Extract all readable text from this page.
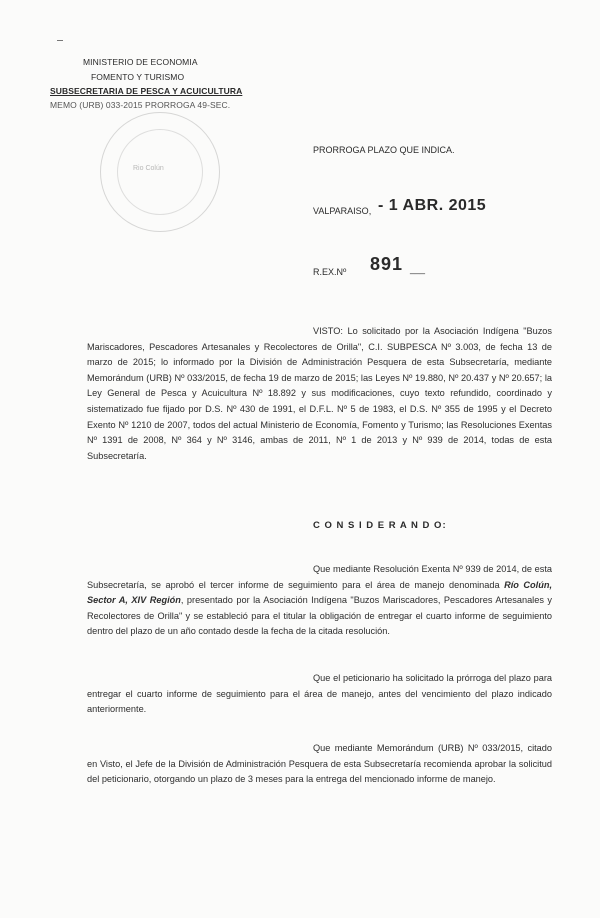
MINISTERIO DE ECONOMIA
FOMENTO Y TURISMO
SUBSECRETARIA DE PESCA Y ACUICULTURA
MEMO (URB) 033-2015 PRORROGA 49-SEC.
Rio Colún
PRORROGA PLAZO QUE INDICA.
VALPARAISO, - 1 ABR. 2015
R.EX.Nº 891 ___
VISTO: Lo solicitado por la Asociación Indígena "Buzos Mariscadores, Pescadores Artesanales y Recolectores de Orilla", C.I. SUBPESCA Nº 3.003, de fecha 13 de marzo de 2015; lo informado por la División de Administración Pesquera de esta Subsecretaría, mediante Memorándum (URB) Nº 033/2015, de fecha 19 de marzo de 2015; las Leyes Nº 19.880, Nº 20.437 y Nº 20.657; la Ley General de Pesca y Acuicultura Nº 18.892 y sus modificaciones, cuyo texto refundido, coordinado y sistematizado fue fijado por D.S. Nº 430 de 1991, el D.F.L. Nº 5 de 1983, el D.S. Nº 355 de 1995 y el Decreto Exento Nº 1210 de 2007, todos del actual Ministerio de Economía, Fomento y Turismo; las Resoluciones Exentas Nº 1391 de 2008, Nº 364 y Nº 3146, ambas de 2011, Nº 1 de 2013 y Nº 939 de 2014, todas de esta Subsecretaría.
C O N S I D E R A N D O:
Que mediante Resolución Exenta Nº 939 de 2014, de esta Subsecretaría, se aprobó el tercer informe de seguimiento para el área de manejo denominada Río Colún, Sector A, XIV Región, presentado por la Asociación Indígena "Buzos Mariscadores, Pescadores Artesanales y Recolectores de Orilla" y se estableció para el titular la obligación de entregar el cuarto informe de seguimiento dentro del plazo de un año contado desde la fecha de la citada resolución.
Que el peticionario ha solicitado la prórroga del plazo para entregar el cuarto informe de seguimiento para el área de manejo, antes del vencimiento del plazo indicado anteriormente.
Que mediante Memorándum (URB) Nº 033/2015, citado en Visto, el Jefe de la División de Administración Pesquera de esta Subsecretaría recomienda aprobar la solicitud del peticionario, otorgando un plazo de 3 meses para la entrega del mencionado informe de manejo.
